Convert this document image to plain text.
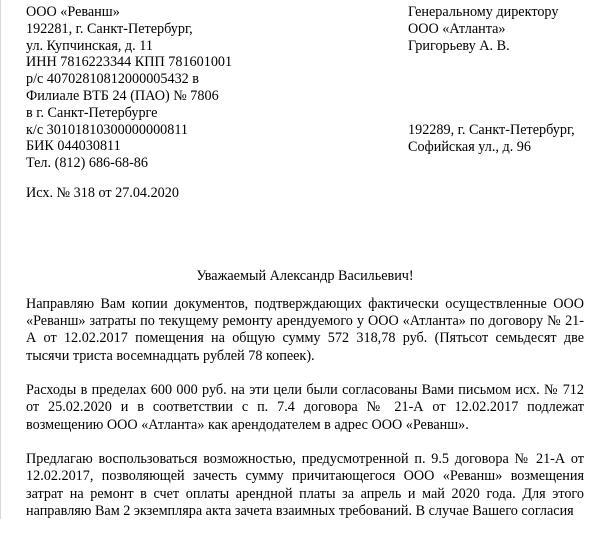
ООО «Реванш»
192281, г. Санкт-Петербург,
ул. Купчинская, д. 11
ИНН 7816223344 КПП 781601001
р/с 40702810812000005432 в
Филиале ВТБ 24 (ПАО) № 7806
в г. Санкт-Петербурге
к/с 30101810300000000811
БИК 044030811
Тел. (812) 686-68-86
Генеральному директору
ООО «Атланта»
Григорьеву А. В.
192289, г. Санкт-Петербург,
Софийская ул., д. 96
Исх. № 318 от 27.04.2020
Уважаемый Александр Васильевич!

Направляю Вам копии документов, подтверждающих фактически осуществленные ООО «Реванш» затраты по текущему ремонту арендуемого у ООО «Атланта» по договору № 21-А от 12.02.2017 помещения на общую сумму 572 318,78 руб. (Пятьсот семьдесят две тысячи триста восемнадцать рублей 78 копеек).

Расходы в пределах 600 000 руб. на эти цели были согласованы Вами письмом исх. № 712 от 25.02.2020 и в соответствии с п. 7.4 договора № 21-А от 12.02.2017 подлежат возмещению ООО «Атланта» как арендодателем в адрес ООО «Реванш».

Предлагаю воспользоваться возможностью, предусмотренной п. 9.5 договора № 21-А от 12.02.2017, позволяющей зачесть сумму причитающегося ООО «Реванш» возмещения затрат на ремонт в счет оплаты арендной платы за апрель и май 2020 года. Для этого направляю Вам 2 экземпляра акта зачета взаимных требований. В случае Вашего согласия
